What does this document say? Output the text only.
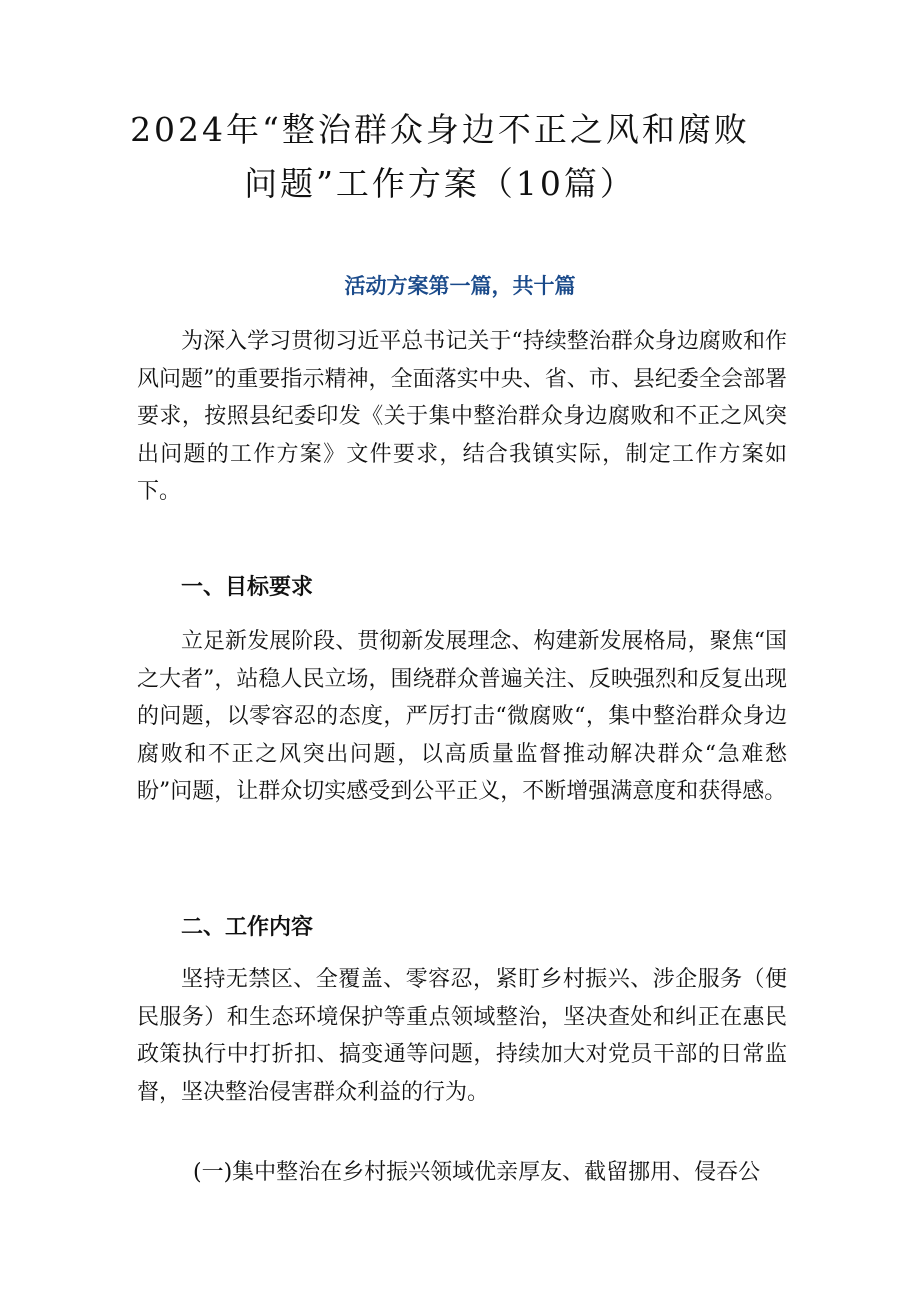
2024年“整治群众身边不正之风和腐败问题”工作方案（10篇）
活动方案第一篇，共十篇

为深入学习贯彻习近平总书记关于“持续整治群众身边腐败和作风问题”的重要指示精神，全面落实中央、省、市、县纪委全会部署要求，按照县纪委印发《关于集中整治群众身边腐败和不正之风突出问题的工作方案》文件要求，结合我镇实际，制定工作方案如下。

一、目标要求

立足新发展阶段、贯彻新发展理念、构建新发展格局，聚焦“国之大者”，站稳人民立场，围绕群众普遍关注、反映强烈和反复出现的问题，以零容忍的态度，严厉打击“微腐败“，集中整治群众身边腐败和不正之风突出问题，以高质量监督推动解决群众“急难愁盼”问题，让群众切实感受到公平正义，不断增强满意度和获得感。

二、工作内容

坚持无禁区、全覆盖、零容忍，紧盯乡村振兴、涉企服务（便民服务）和生态环境保护等重点领域整治，坚决查处和纠正在惠民政策执行中打折扣、搞变通等问题，持续加大对党员干部的日常监督，坚决整治侵害群众利益的行为。

(一)集中整治在乡村振兴领域优亲厚友、截留挪用、侵吞公
